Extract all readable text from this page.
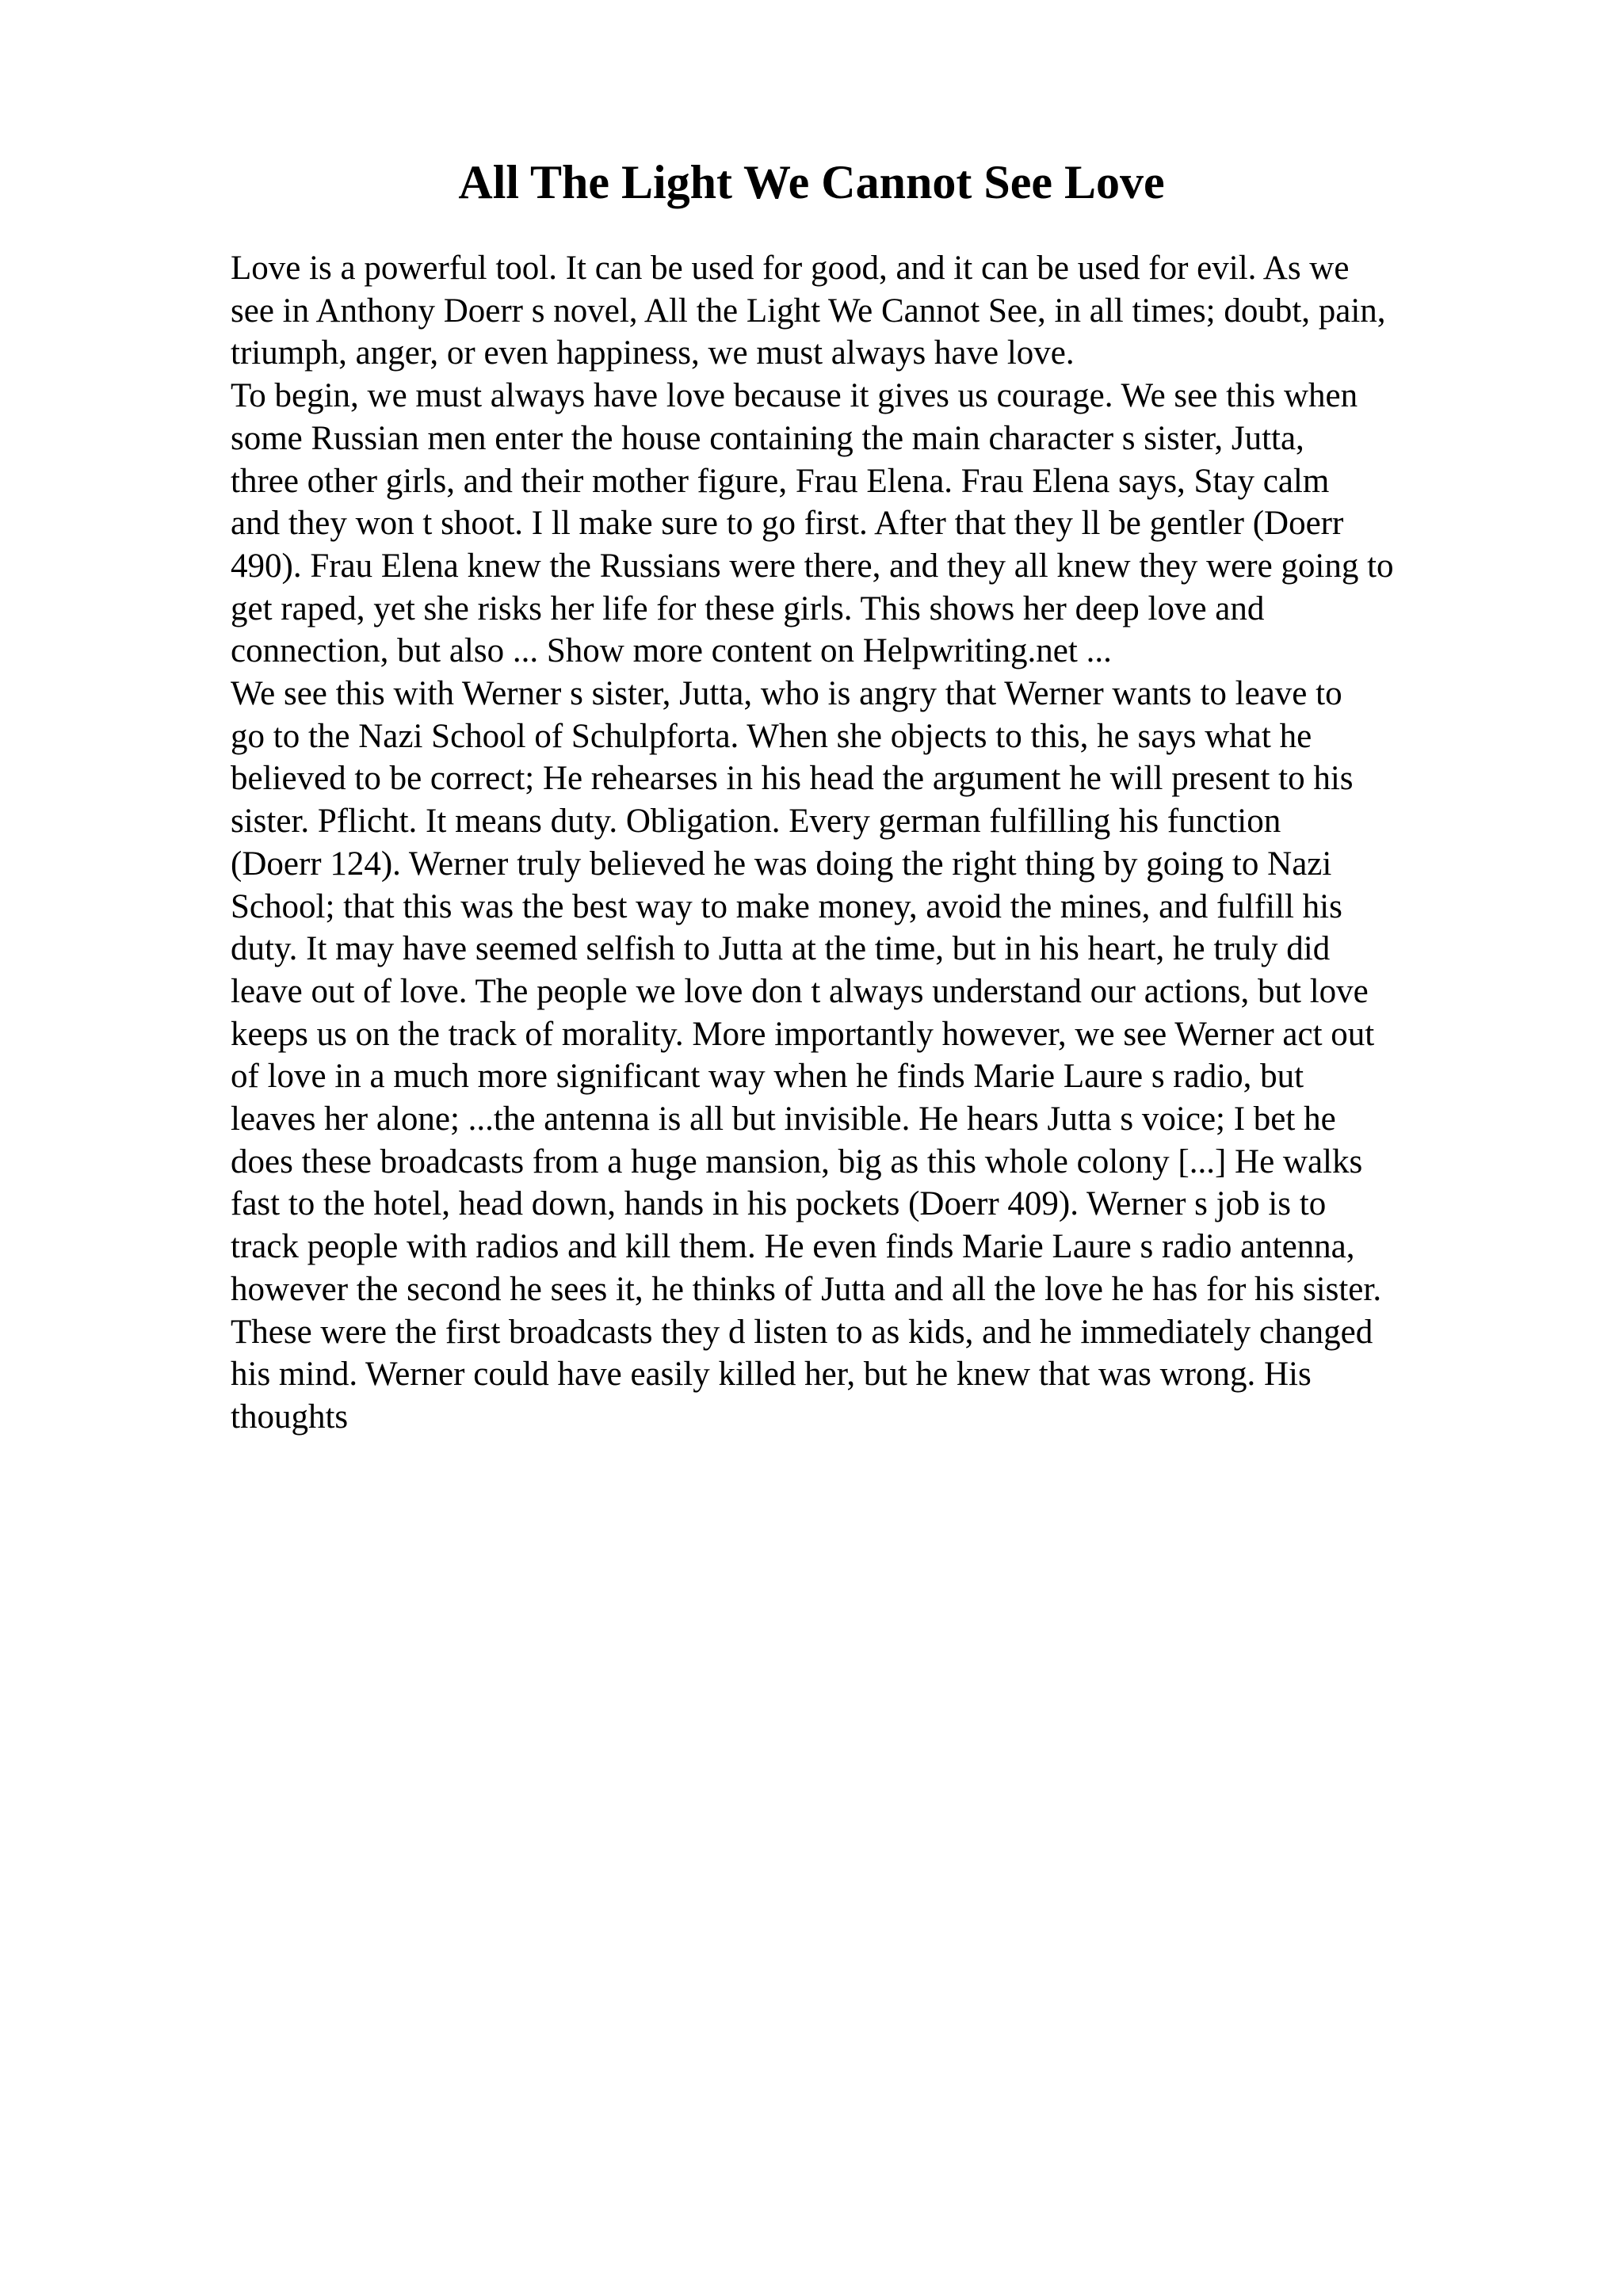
All The Light We Cannot See Love
Love is a powerful tool. It can be used for good, and it can be used for evil. As we
see in Anthony Doerr s novel, All the Light We Cannot See, in all times; doubt, pain,
triumph, anger, or even happiness, we must always have love.
To begin, we must always have love because it gives us courage. We see this when
some Russian men enter the house containing the main character s sister, Jutta,
three other girls, and their mother figure, Frau Elena. Frau Elena says, Stay calm
and they won t shoot. I ll make sure to go first. After that they ll be gentler (Doerr
490). Frau Elena knew the Russians were there, and they all knew they were going to
get raped, yet she risks her life for these girls. This shows her deep love and
connection, but also ... Show more content on Helpwriting.net ...
We see this with Werner s sister, Jutta, who is angry that Werner wants to leave to
go to the Nazi School of Schulpforta. When she objects to this, he says what he
believed to be correct; He rehearses in his head the argument he will present to his
sister. Pflicht. It means duty. Obligation. Every german fulfilling his function
(Doerr 124). Werner truly believed he was doing the right thing by going to Nazi
School; that this was the best way to make money, avoid the mines, and fulfill his
duty. It may have seemed selfish to Jutta at the time, but in his heart, he truly did
leave out of love. The people we love don t always understand our actions, but love
keeps us on the track of morality. More importantly however, we see Werner act out
of love in a much more significant way when he finds Marie Laure s radio, but
leaves her alone; ...the antenna is all but invisible. He hears Jutta s voice; I bet he
does these broadcasts from a huge mansion, big as this whole colony [...] He walks
fast to the hotel, head down, hands in his pockets (Doerr 409). Werner s job is to
track people with radios and kill them. He even finds Marie Laure s radio antenna,
however the second he sees it, he thinks of Jutta and all the love he has for his sister.
These were the first broadcasts they d listen to as kids, and he immediately changed
his mind. Werner could have easily killed her, but he knew that was wrong. His
thoughts
